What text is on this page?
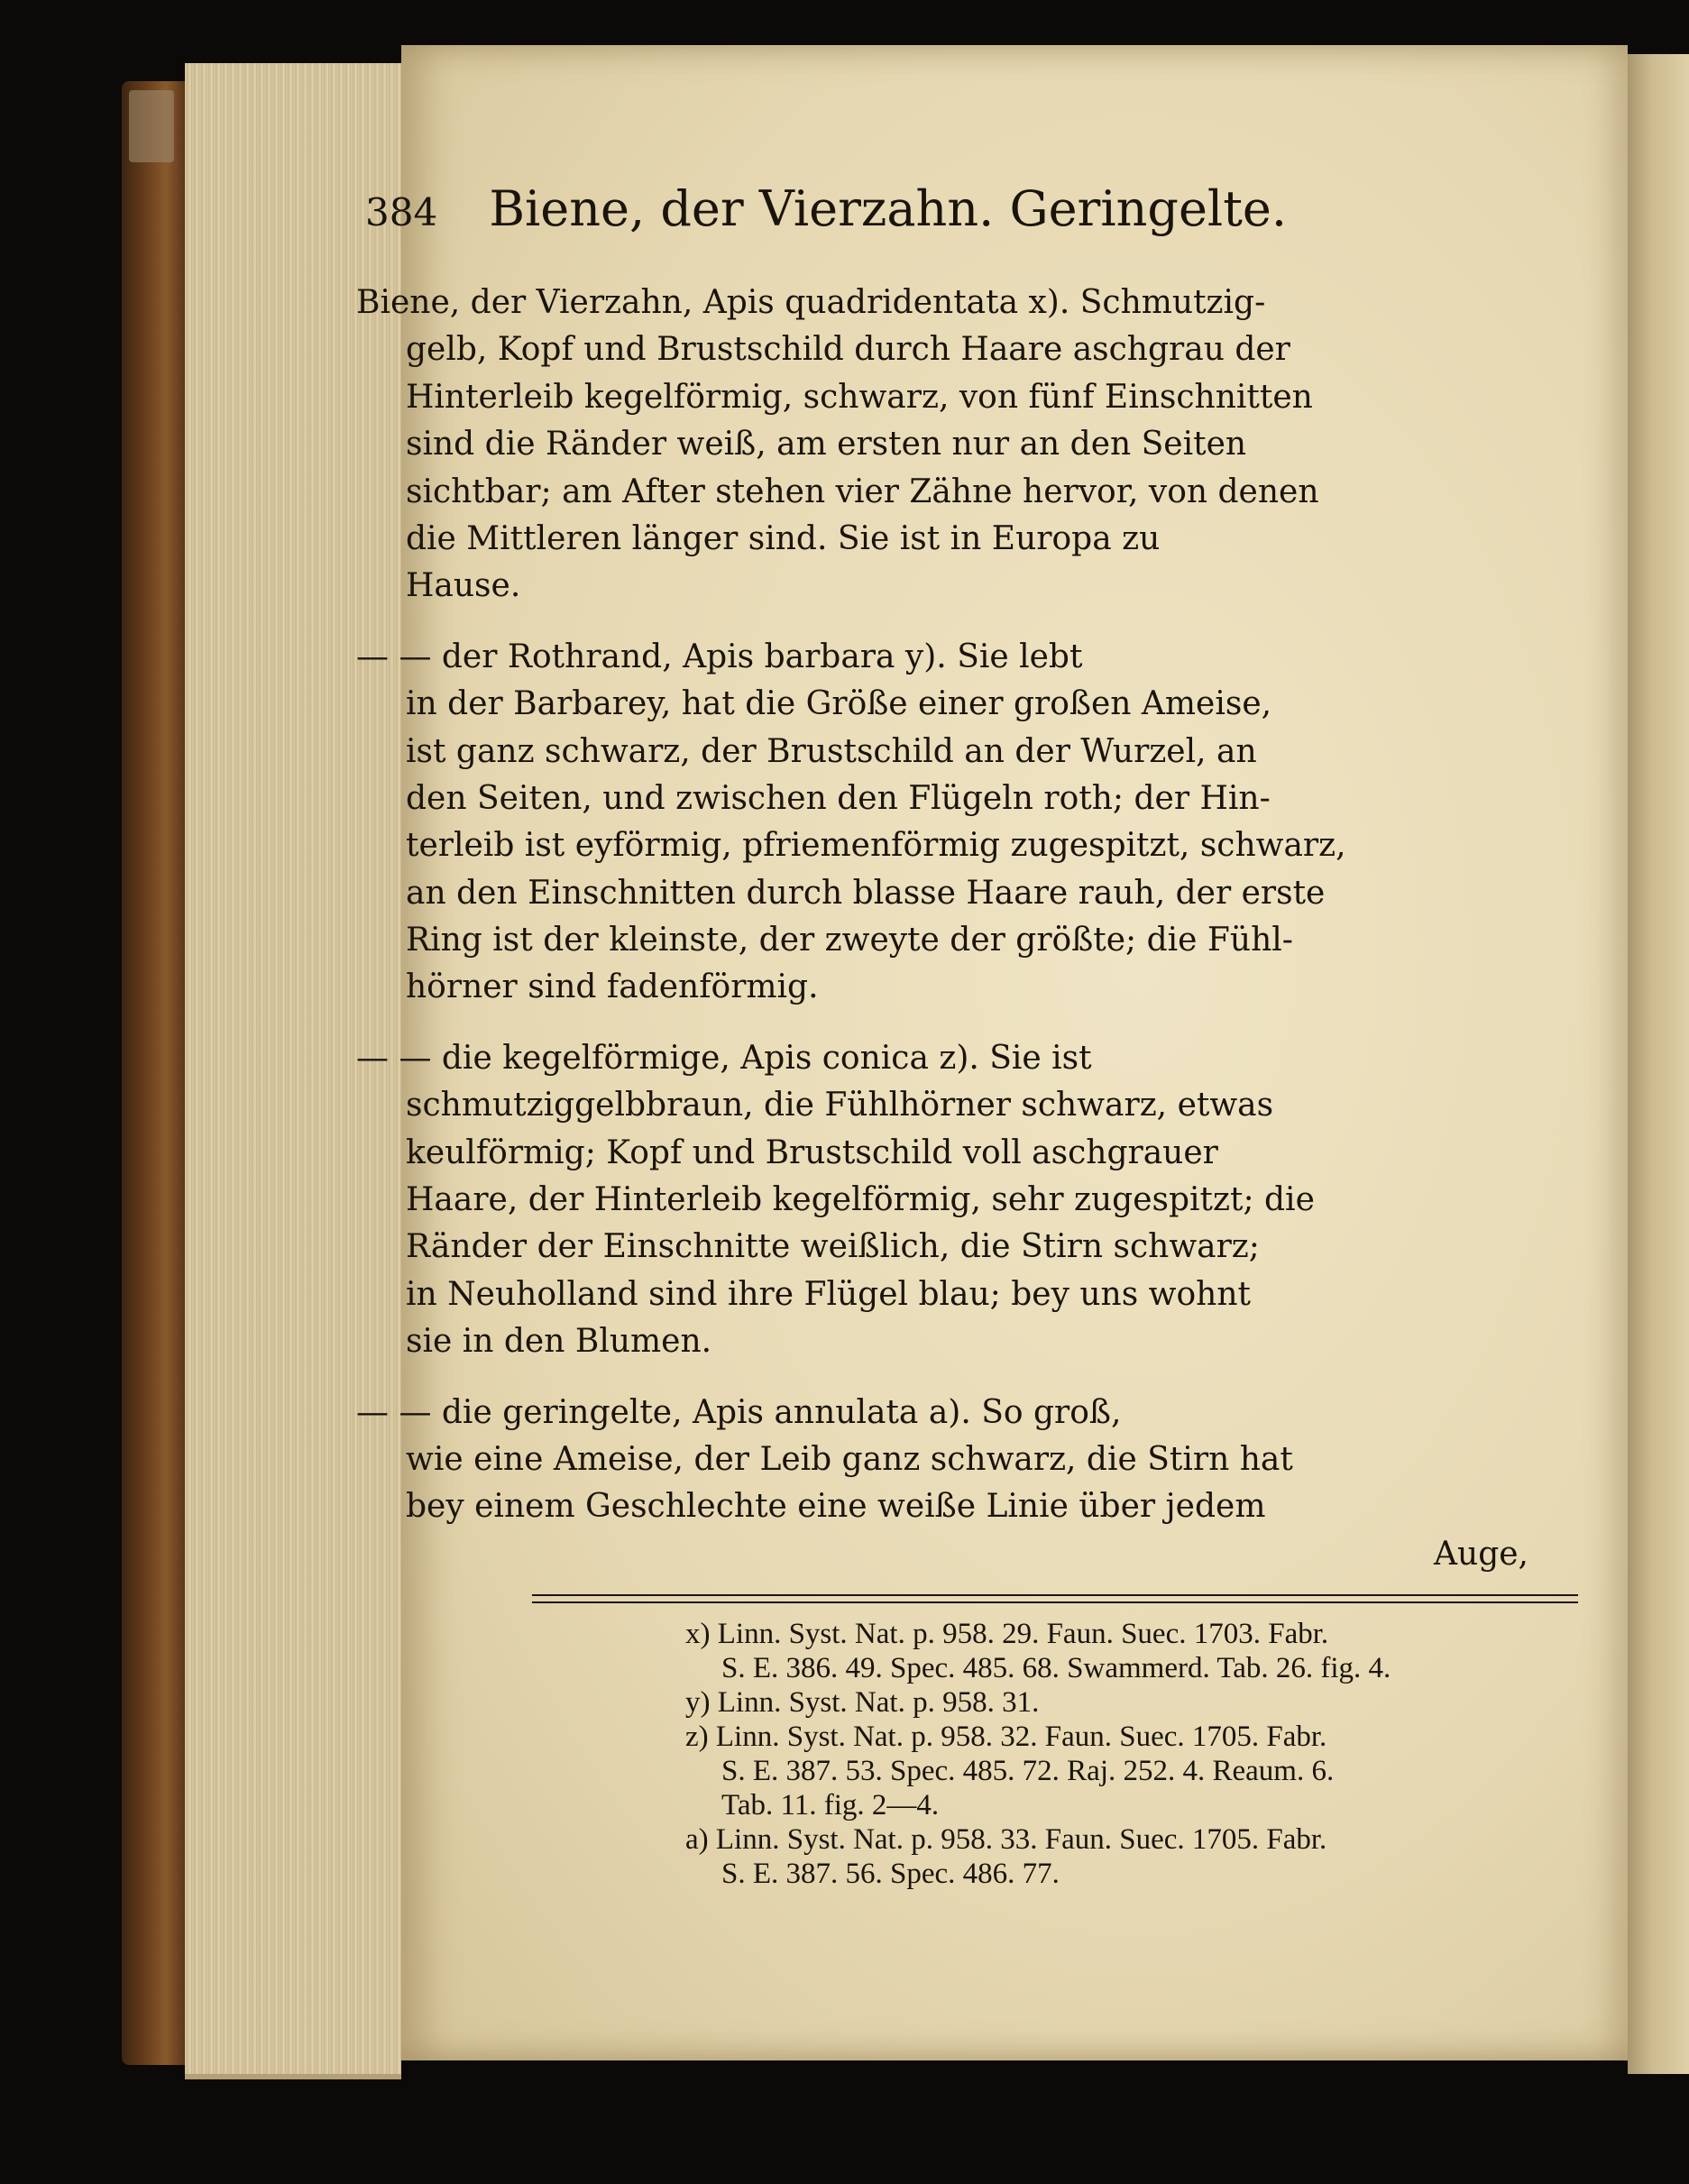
384 Biene, der Vierzahn. Geringelte.
Biene, der Vierzahn, Apis quadridentata x). Schmutzig-
gelb, Kopf und Brustschild durch Haare aschgrau der
Hinterleib kegelförmig, schwarz, von fünf Einschnitten
sind die Ränder weiß, am ersten nur an den Seiten
sichtbar; am After stehen vier Zähne hervor, von denen
die Mittleren länger sind. Sie ist in Europa zu
Hause.
— — der Rothrand, Apis barbara y). Sie lebt
in der Barbarey, hat die Größe einer großen Ameise,
ist ganz schwarz, der Brustschild an der Wurzel, an
den Seiten, und zwischen den Flügeln roth; der Hin-
terleib ist eyförmig, pfriemenförmig zugespitzt, schwarz,
an den Einschnitten durch blasse Haare rauh, der erste
Ring ist der kleinste, der zweyte der größte; die Fühl-
hörner sind fadenförmig.
— — die kegelförmige, Apis conica z). Sie ist
schmutziggelbbraun, die Fühlhörner schwarz, etwas
keulförmig; Kopf und Brustschild voll aschgrauer
Haare, der Hinterleib kegelförmig, sehr zugespitzt; die
Ränder der Einschnitte weißlich, die Stirn schwarz;
in Neuholland sind ihre Flügel blau; bey uns wohnt
sie in den Blumen.
— — die geringelte, Apis annulata a). So groß,
wie eine Ameise, der Leib ganz schwarz, die Stirn hat
bey einem Geschlechte eine weiße Linie über jedem
Auge,
x) Linn. Syst. Nat. p. 958. 29. Faun. Suec. 1703. Fabr.
S. E. 386. 49. Spec. 485. 68. Swammerd. Tab. 26. fig. 4.
y) Linn. Syst. Nat. p. 958. 31.
z) Linn. Syst. Nat. p. 958. 32. Faun. Suec. 1705. Fabr.
S. E. 387. 53. Spec. 485. 72. Raj. 252. 4. Reaum. 6.
Tab. 11. fig. 2—4.
a) Linn. Syst. Nat. p. 958. 33. Faun. Suec. 1705. Fabr.
S. E. 387. 56. Spec. 486. 77.
